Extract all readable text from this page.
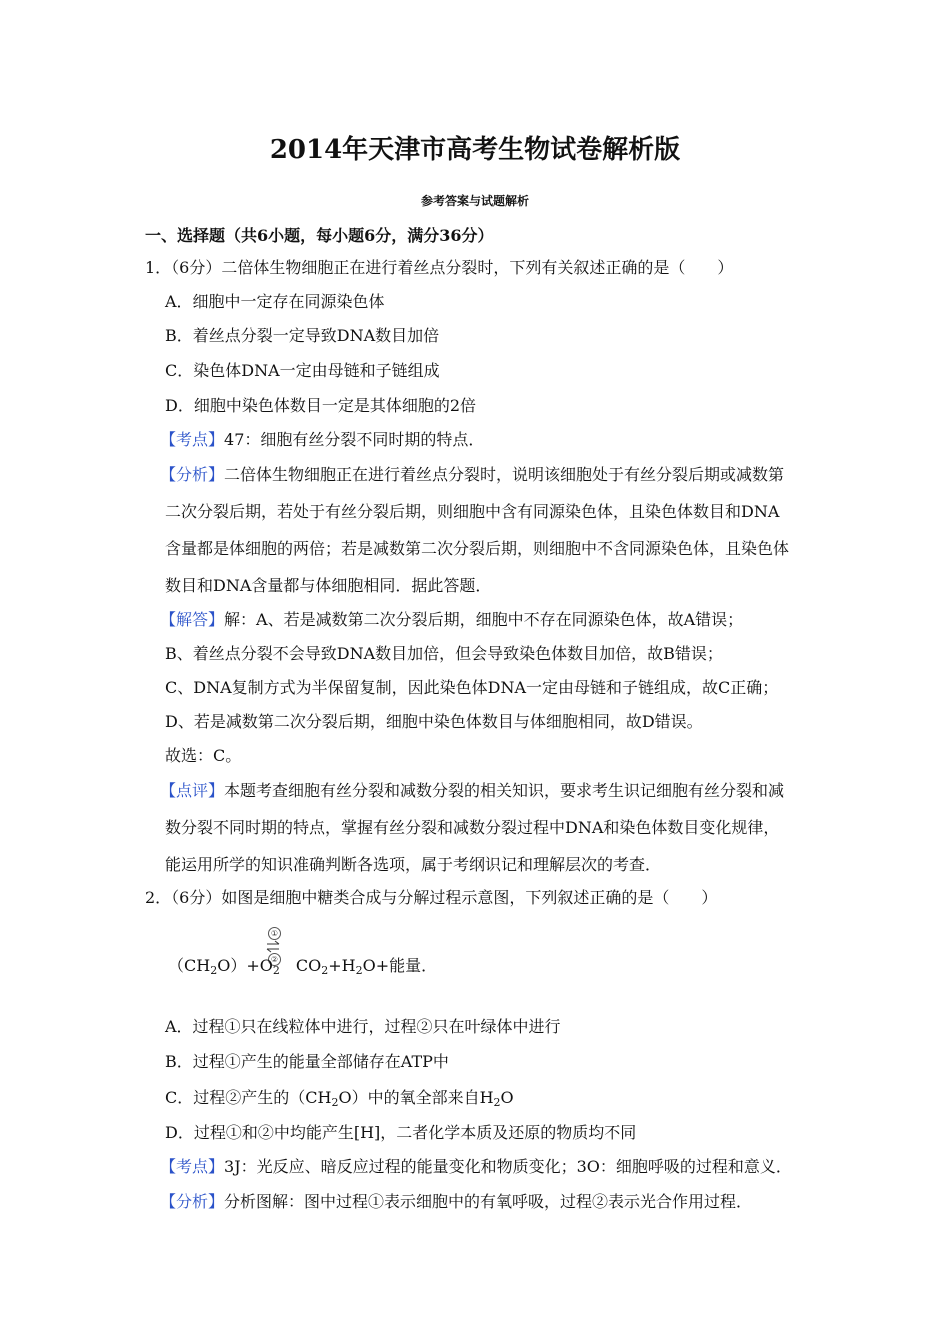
2014年天津市高考生物试卷解析版
参考答案与试题解析
一、选择题（共6小题，每小题6分，满分36分）
1．（6分）二倍体生物细胞正在进行着丝点分裂时，下列有关叙述正确的是（　　）
A．细胞中一定存在同源染色体
B．着丝点分裂一定导致DNA数目加倍
C．染色体DNA一定由母链和子链组成
D．细胞中染色体数目一定是其体细胞的2倍
【考点】47：细胞有丝分裂不同时期的特点．
【分析】二倍体生物细胞正在进行着丝点分裂时，说明该细胞处于有丝分裂后期或减数第
二次分裂后期，若处于有丝分裂后期，则细胞中含有同源染色体，且染色体数目和DNA
含量都是体细胞的两倍；若是减数第二次分裂后期，则细胞中不含同源染色体，且染色体
数目和DNA含量都与体细胞相同．据此答题．
【解答】解：A、若是减数第二次分裂后期，细胞中不存在同源染色体，故A错误；
B、着丝点分裂不会导致DNA数目加倍，但会导致染色体数目加倍，故B错误；
C、DNA复制方式为半保留复制，因此染色体DNA一定由母链和子链组成，故C正确；
D、若是减数第二次分裂后期，细胞中染色体数目与体细胞相同，故D错误。
故选：C。
【点评】本题考查细胞有丝分裂和减数分裂的相关知识，要求考生识记细胞有丝分裂和减
数分裂不同时期的特点，掌握有丝分裂和减数分裂过程中DNA和染色体数目变化规律，
能运用所学的知识准确判断各选项，属于考纲识记和理解层次的考查．
2．（6分）如图是细胞中糖类合成与分解过程示意图，下列叙述正确的是（　　）
①
②
$(CH_2O)+O_2$ $CO_2+H_2O+$能量．
A．过程①只在线粒体中进行，过程②只在叶绿体中进行
B．过程①产生的能量全部储存在ATP中
C．过程②产生的$(CH_2O)$中的氧全部来自$H_2O$
D．过程①和②中均能产生[H]，二者化学本质及还原的物质均不同
【考点】3J：光反应、暗反应过程的能量变化和物质变化；3O：细胞呼吸的过程和意义．
【分析】分析图解：图中过程①表示细胞中的有氧呼吸，过程②表示光合作用过程．
